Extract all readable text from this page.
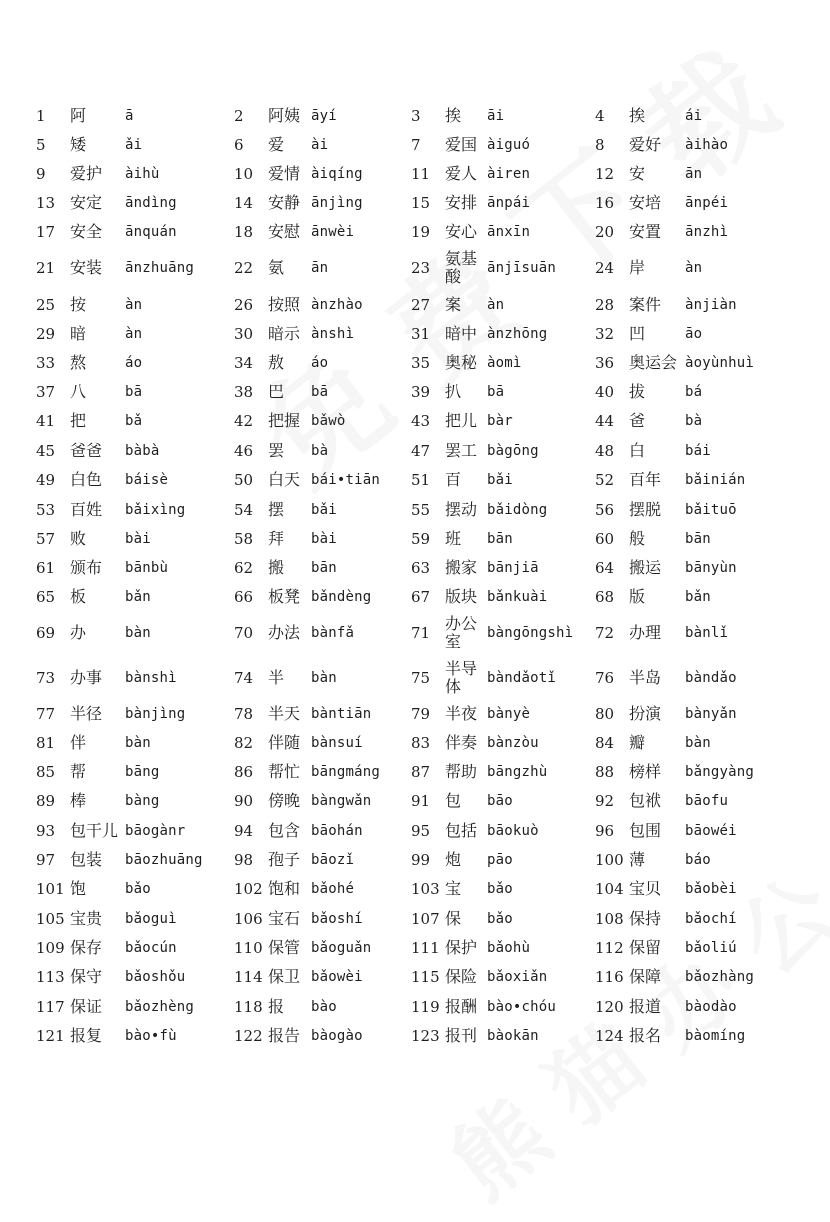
1 阿	ā	2 阿姨 āyí	3 挨 āi	4 挨	ái
5 矮	ǎi	6 爱 ài	7 爱国 àiguó	8 爱好 àihào
9 爱护 àihù	10 爱情 àiqíng	11 爱人 àiren	12 安	ān
13 安定 āndìng	14 安静 ānjìng	15 安排 ānpái	16 安培 ānpéi
17 安全 ānquán	18 安慰 ānwèi	19 安心 ānxīn	20 安置 ānzhì
21 安装 ānzhuāng	22 氨 ān	23 氨基酸	ānjīsuān	24 岸	àn
25 按	àn	26 按照 ànzhào	27 案 àn	28 案件 ànjiàn
29 暗	àn	30 暗示 ànshì	31 暗中 ànzhōng	32 凹	āo
33 熬	áo	34 敖 áo	35 奥秘 àomì	36 奥运会 àoyùnhuì
37 八	bā	38 巴 bā	39 扒 bā	40 拔	bá
41 把	bǎ	42 把握 bǎwò	43 把儿 bàr	44 爸	bà
45 爸爸 bàbà	46 罢 bà	47 罢工 bàgōng	48 白	bái
49 白色 báisè	50 白天 bái•tiān 51 百 bǎi	52 百年 bǎinián
53 百姓 bǎixìng	54 摆 bǎi	55 摆动 bǎidòng	56 摆脱 bǎituō
57 败	bài	58 拜 bài	59 班 bān	60 般	bān
61 颁布 bānbù	62 搬 bān	63 搬家 bānjiā	64 搬运 bānyùn
65 板	bǎn	66 板凳 bǎndèng	67 版块 bǎnkuài	68 版	bǎn
69 办	bàn	70 办法 bànfǎ	71 办公室	bàngōngshì 72 办理 bànlǐ
73 办事 bànshì	74 半 bàn	75 半导体	bàndǎotǐ	76 半岛 bàndǎo
77 半径 bànjìng	78 半天 bàntiān	79 半夜 bànyè	80 扮演 bànyǎn
81 伴	bàn	82 伴随 bànsuí	83 伴奏 bànzòu	84 瓣	bàn
85 帮	bāng	86 帮忙 bāngmáng 87 帮助 bāngzhù	88 榜样 bǎngyàng
89 棒	bàng	90 傍晚 bàngwǎn	91 包 bāo	92 包袱 bāofu
93 包干儿 bāogànr	94 包含 bāohán	95 包括 bāokuò	96 包围 bāowéi
97 包装 bāozhuāng 98 孢子 bāozǐ	99 炮 pāo	100 薄	báo
101 饱	bǎo	102 饱和 bǎohé	103 宝 bǎo	104 宝贝 bǎobèi
105 宝贵 bǎoguì	106 宝石 bǎoshí	107 保 bǎo	108 保持 bǎochí
109 保存 bǎocún	110 保管 bǎoguǎn	111 保护 bǎohù	112 保留 bǎoliú
113 保守 bǎoshǒu	114 保卫 bǎowèi	115 保险 bǎoxiǎn	116 保障 bǎozhàng
117 保证 bǎozhèng	118 报 bào	119 报酬 bào•chóu	120 报道 bàodào
121 报复 bào•fù	122 报告 bàogào	123 报刊 bàokān	124 报名 bàomíng
